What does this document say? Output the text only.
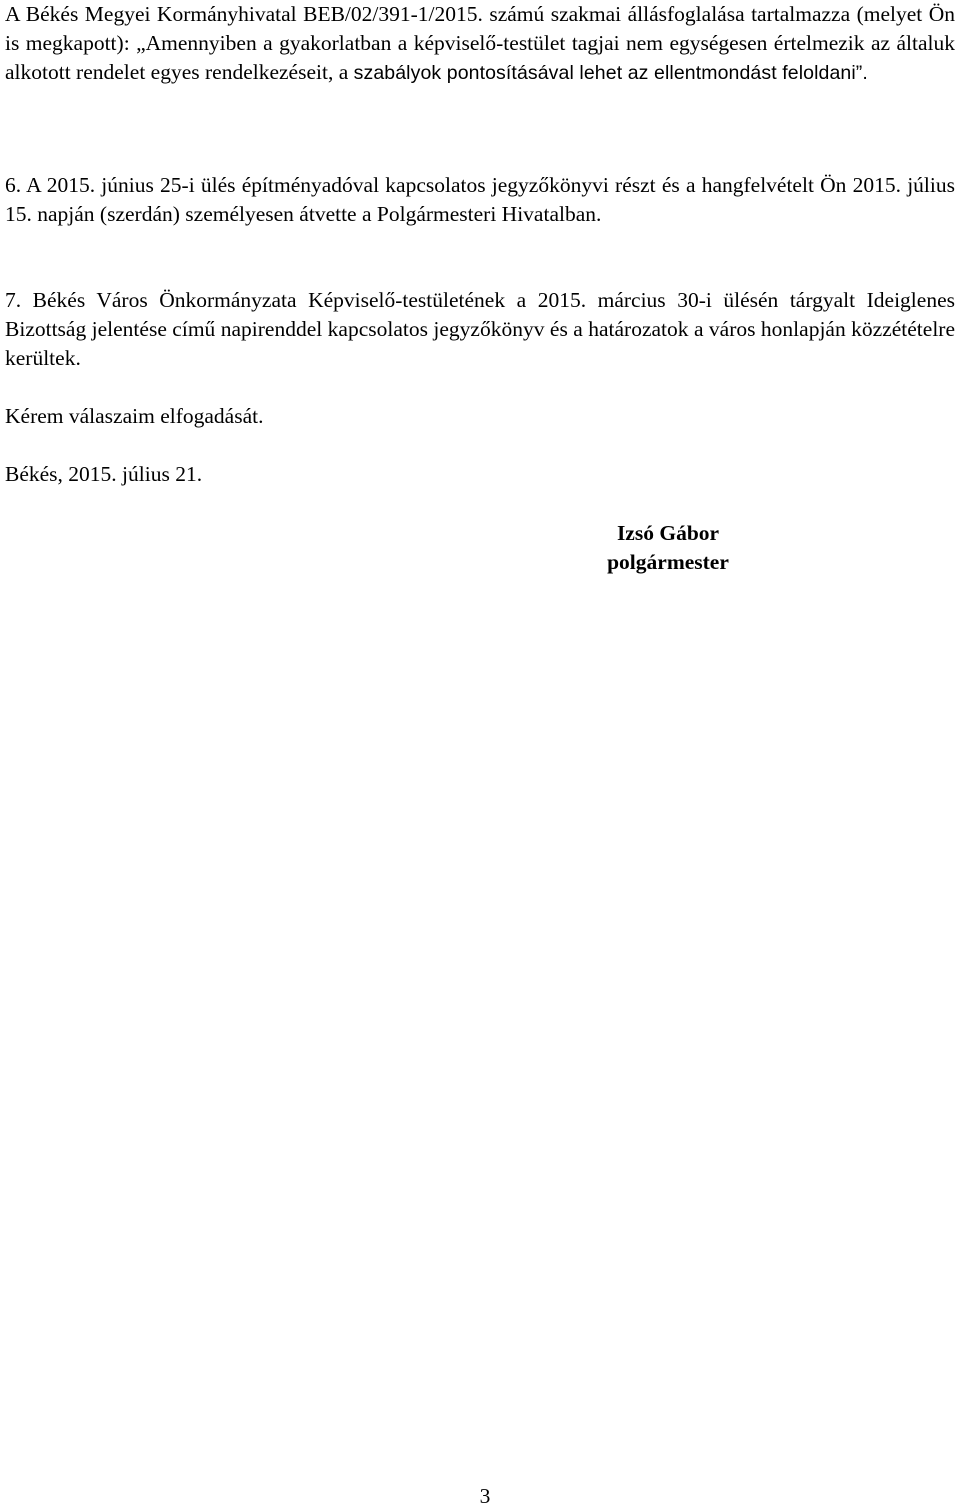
A Békés Megyei Kormányhivatal BEB/02/391-1/2015. számú szakmai állásfoglalása tartalmazza (melyet Ön is megkapott): „Amennyiben a gyakorlatban a képviselő-testület tagjai nem egységesen értelmezik az általuk alkotott rendelet egyes rendelkezéseit, a szabályok pontosításával lehet az ellentmondást feloldani”.

6. A 2015. június 25-i ülés építményadóval kapcsolatos jegyzőkönyvi részt és a hangfelvételt Ön 2015. július 15. napján (szerdán) személyesen átvette a Polgármesteri Hivatalban.

7. Békés Város Önkormányzata Képviselő-testületének a 2015. március 30-i ülésén tárgyalt Ideiglenes Bizottság jelentése című napirenddel kapcsolatos jegyzőkönyv és a határozatok a város honlapján közzétételre kerültek.

Kérem válaszaim elfogadását.

Békés, 2015. július 21.

Izsó Gábor
polgármester
3
